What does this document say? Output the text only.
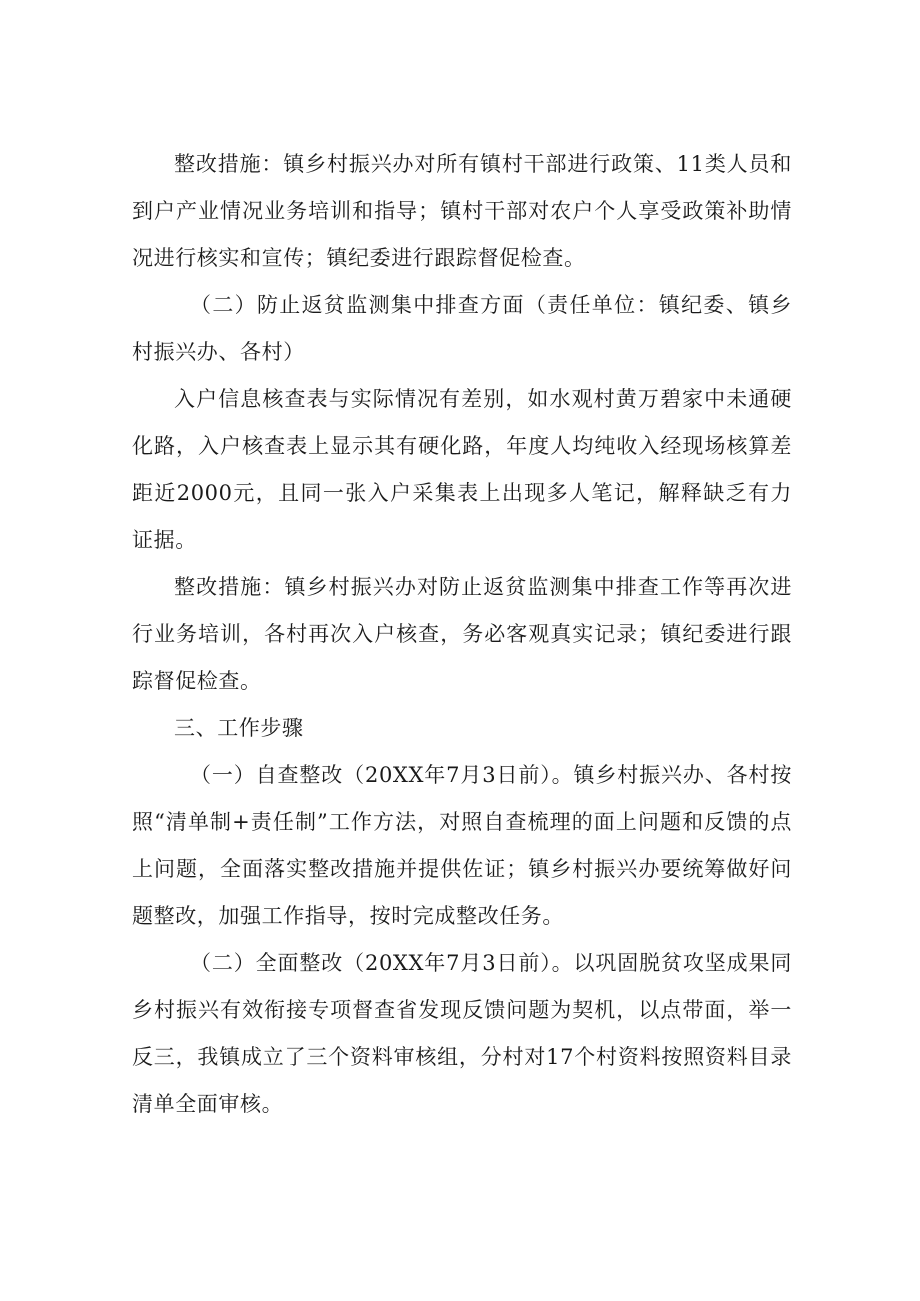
整改措施：镇乡村振兴办对所有镇村干部进行政策、11类人员和到户产业情况业务培训和指导；镇村干部对农户个人享受政策补助情况进行核实和宣传；镇纪委进行跟踪督促检查。

（二）防止返贫监测集中排查方面（责任单位：镇纪委、镇乡村振兴办、各村）

入户信息核查表与实际情况有差别，如水观村黄万碧家中未通硬化路，入户核查表上显示其有硬化路，年度人均纯收入经现场核算差距近2000元，且同一张入户采集表上出现多人笔记，解释缺乏有力证据。

整改措施：镇乡村振兴办对防止返贫监测集中排查工作等再次进行业务培训，各村再次入户核查，务必客观真实记录；镇纪委进行跟踪督促检查。

三、工作步骤

（一）自查整改（20XX年7月3日前）。镇乡村振兴办、各村按照“清单制+责任制”工作方法，对照自查梳理的面上问题和反馈的点上问题，全面落实整改措施并提供佐证；镇乡村振兴办要统筹做好问题整改，加强工作指导，按时完成整改任务。

（二）全面整改（20XX年7月3日前）。以巩固脱贫攻坚成果同乡村振兴有效衔接专项督查省发现反馈问题为契机，以点带面，举一反三，我镇成立了三个资料审核组，分村对17个村资料按照资料目录清单全面审核。
